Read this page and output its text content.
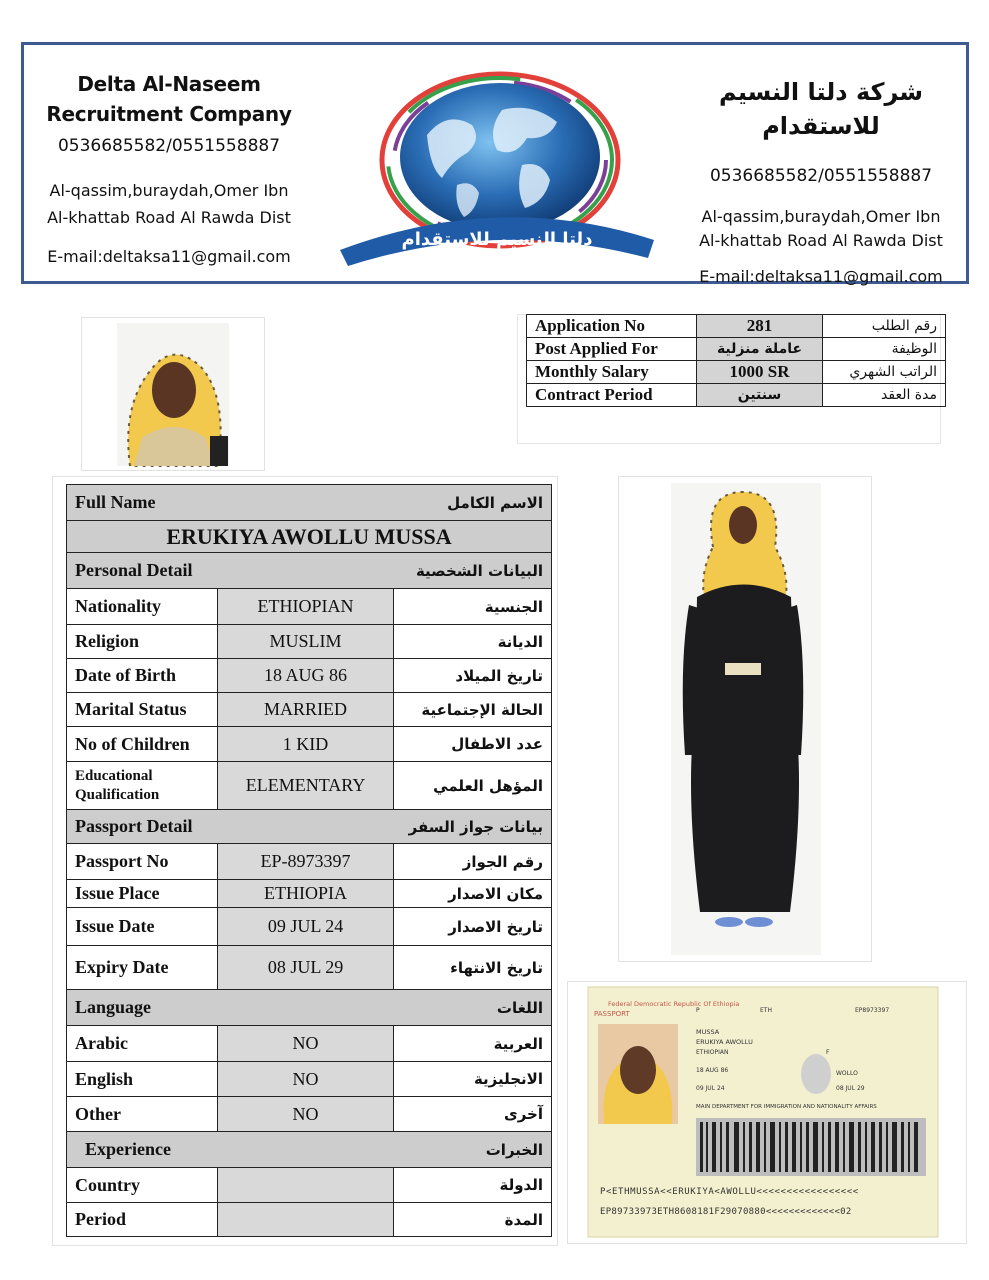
Delta Al-Naseem
Recruitment Company
0536685582/0551558887
Al-qassim,buraydah,Omer Ibn
Al-khattab Road Al Rawda Dist
E-mail:deltaksa11@gmail.com
دلتا النسيم للاستقدام
شركة دلتا النسيم للاستقدام
0536685582/0551558887
Al-qassim,buraydah,Omer Ibn
Al-khattab Road Al Rawda Dist
E-mail:deltaksa11@gmail.com
Application No	281	رقم الطلب
Post Applied For	عاملة منزلية	الوظيفة
Monthly Salary	1000 SR	الراتب الشهري
Contract Period	سنتين	مدة العقد
Full Name الاسم الكامل		

ERUKIYA AWOLLU MUSSA		

Personal Detail البيانات الشخصية		

Nationality	ETHIOPIAN	الجنسية
Religion	MUSLIM	الديانة
Date of Birth	18 AUG 86	تاريخ الميلاد
Marital Status	MARRIED	الحالة الإجتماعية
No of Children	1 KID	عدد الاطفال
Educational Qualification	ELEMENTARY	المؤهل العلمي

Passport Detail بيانات جواز السفر		

Passport No	EP-8973397	رقم الجواز
Issue Place	ETHIOPIA	مكان الاصدار
Issue Date	09 JUL 24	تاريخ الاصدار
Expiry Date	08 JUL 29	تاريخ الانتهاء

Language اللغات		

Arabic	NO	العربية
English	NO	الانجليزية
Other	NO	آخرى

Experience الخبرات		

Country		الدولة
Period		المدة
Federal Democratic Republic Of Ethiopia
PASSPORT	P	ETH	EP8973397
MUSSA
ERUKIYA AWOLLU
ETHIOPIAN
18 AUG 86
09 JUL 24
F
WOLLO
08 JUL 29
MAIN DEPARTMENT FOR IMMIGRATION AND NATIONALITY AFFAIRS
P<ETHMUSSA<<ERUKIYA<AWOLLU<<<<<<<<<<<<<<<<<
EP89733973ETH8608181F29070880<<<<<<<<<<<<<02
